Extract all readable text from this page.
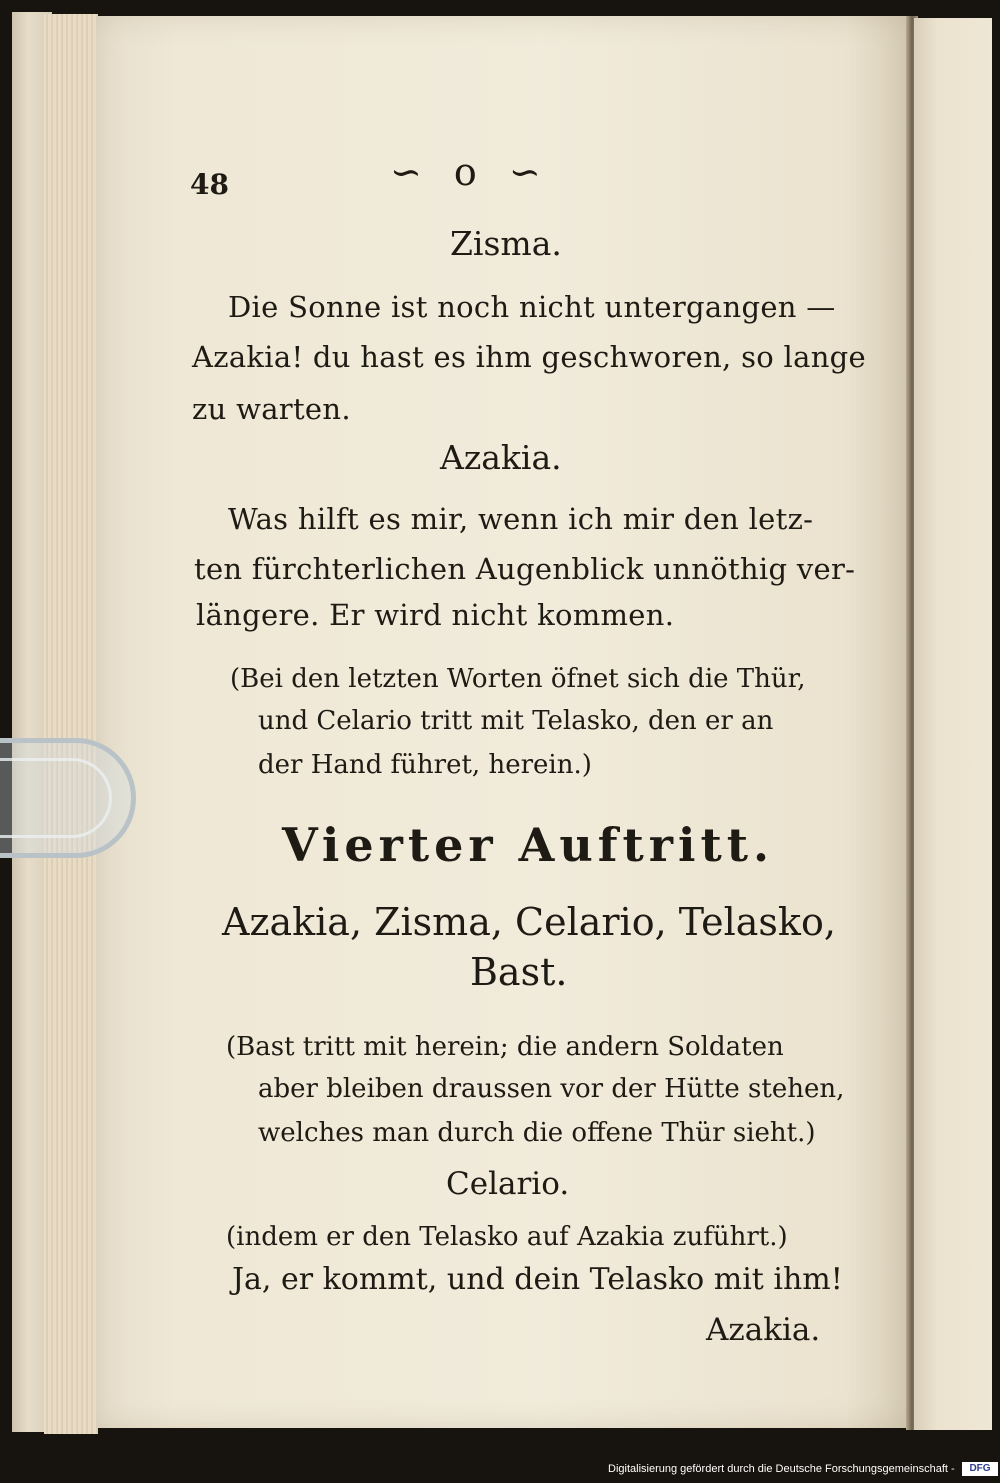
48	∽ ο ∽
Zisma.
Die Sonne ist noch nicht untergangen —
Azakia! du hast es ihm geschworen, so lange
zu warten.
Azakia.
Was hilft es mir, wenn ich mir den letz-
ten fürchterlichen Augenblick unnöthig ver-
längere. Er wird nicht kommen.
(Bei den letzten Worten öfnet sich die Thür,
und Celario tritt mit Telasko, den er an
der Hand führet, herein.)
Vierter Auftritt.
Azakia, Zisma, Celario, Telasko,
Bast.
(Bast tritt mit herein; die andern Soldaten
aber bleiben draussen vor der Hütte stehen,
welches man durch die offene Thür sieht.)
Celario.
(indem er den Telasko auf Azakia zuführt.)
Ja, er kommt, und dein Telasko mit ihm!
Azakia.
Digitalisierung gefördert durch die Deutsche Forschungsgemeinschaft -	DFG
